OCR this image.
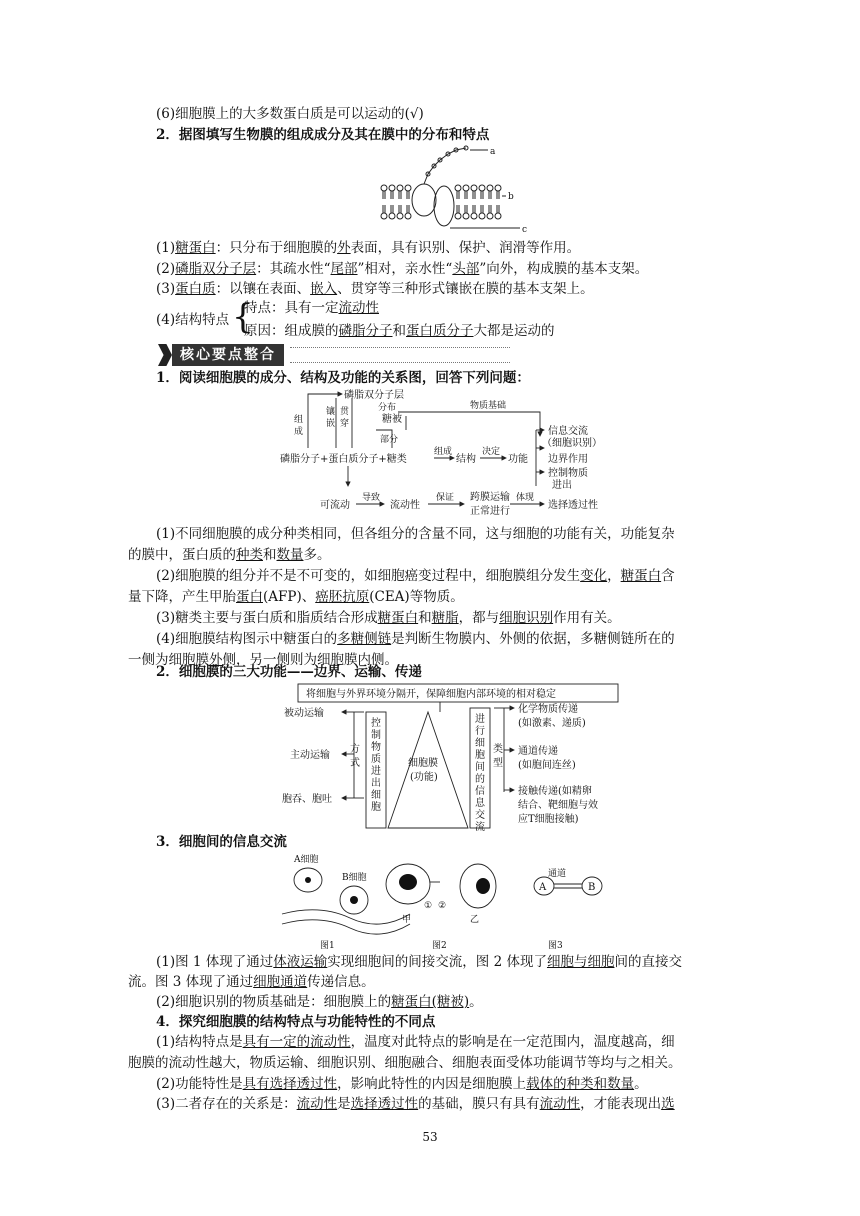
(6)细胞膜上的大多数蛋白质是可以运动的(√)
2．据图填写生物膜的组成成分及其在膜中的分布和特点
a
b
c
(1)糖蛋白：只分布于细胞膜的外表面，具有识别、保护、润滑等作用。
(2)磷脂双分子层：其疏水性“尾部”相对，亲水性“头部”向外，构成膜的基本支架。
(3)蛋白质：以镶在表面、嵌入、贯穿等三种形式镶嵌在膜的基本支架上。
(4)结构特点 {
特点：具有一定流动性
原因：组成膜的磷脂分子和蛋白质分子大都是运动的
核心要点整合
1．阅读细胞膜的成分、结构及功能的关系图，回答下列问题：
磷脂双分子层
组
成
镶
嵌
贯
穿
分布
糖被
部分
物质基础
磷脂分子+蛋白质分子+糖类
组成
结构
决定
功能
信息交流
（细胞识别）
边界作用
控制物质
进出
可流动
导致
流动性
保证 跨膜运输
正常进行
体现
选择透过性
(1)不同细胞膜的成分种类相同，但各组分的含量不同，这与细胞的功能有关，功能复杂
的膜中，蛋白质的种类和数量多。
(2)细胞膜的组分并不是不可变的，如细胞癌变过程中，细胞膜组分发生变化，糖蛋白含
量下降，产生甲胎蛋白(AFP)、癌胚抗原(CEA)等物质。
(3)糖类主要与蛋白质和脂质结合形成糖蛋白和糖脂，都与细胞识别作用有关。
(4)细胞膜结构图示中糖蛋白的多糖侧链是判断生物膜内、外侧的依据，多糖侧链所在的
一侧为细胞膜外侧，另一侧则为细胞膜内侧。
2．细胞膜的三大功能——边界、运输、传递
将细胞与外界环境分隔开，保障细胞内部环境的相对稳定
被动运输
主动运输
胞吞、胞吐
方
式
控
制
物
质
进
出
细
胞
细胞膜
(功能)
进
行
细
胞
间
的
信
息
交
流
类
型
化学物质传递
(如激素、递质)
通道传递
(如胞间连丝)
接触传递(如精卵
结合、靶细胞与效
应T细胞接触)
3．细胞间的信息交流
A细胞
B细胞
甲	乙
① ②
通道
A	B
图1	图2	图3
(1)图 1 体现了通过体液运输实现细胞间的间接交流，图 2 体现了细胞与细胞间的直接交
流。图 3 体现了通过细胞通道传递信息。
(2)细胞识别的物质基础是：细胞膜上的糖蛋白(糖被)。
4．探究细胞膜的结构特点与功能特性的不同点
(1)结构特点是具有一定的流动性，温度对此特点的影响是在一定范围内，温度越高，细
胞膜的流动性越大，物质运输、细胞识别、细胞融合、细胞表面受体功能调节等均与之相关。
(2)功能特性是具有选择透过性，影响此特性的内因是细胞膜上载体的种类和数量。
(3)二者存在的关系是：流动性是选择透过性的基础，膜只有具有流动性，才能表现出选
53
